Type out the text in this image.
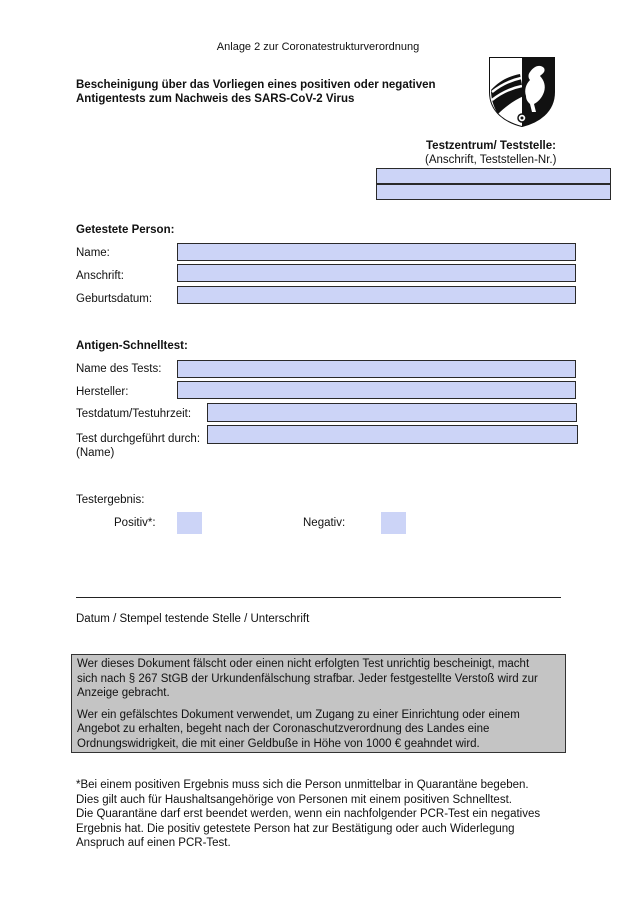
Anlage 2 zur Coronatestrukturverordnung
Bescheinigung über das Vorliegen eines positiven oder negativen
Antigentests zum Nachweis des SARS-CoV-2 Virus
Testzentrum/ Teststelle:
(Anschrift, Teststellen-Nr.)
Getestete Person:
Name:
Anschrift:
Geburtsdatum:
Antigen-Schnelltest:
Name des Tests:
Hersteller:
Testdatum/Testuhrzeit:
Test durchgeführt durch:
(Name)
Testergebnis:
Positiv*:	Negativ:
Datum / Stempel testende Stelle / Unterschrift

Wer dieses Dokument fälscht oder einen nicht erfolgten Test unrichtig bescheinigt, macht
sich nach § 267 StGB der Urkundenfälschung strafbar. Jeder festgestellte Verstoß wird zur
Anzeige gebracht.

Wer ein gefälschtes Dokument verwendet, um Zugang zu einer Einrichtung oder einem
Angebot zu erhalten, begeht nach der Coronaschutzverordnung des Landes eine
Ordnungswidrigkeit, die mit einer Geldbuße in Höhe von 1000 € geahndet wird.

*Bei einem positiven Ergebnis muss sich die Person unmittelbar in Quarantäne begeben.
Dies gilt auch für Haushaltsangehörige von Personen mit einem positiven Schnelltest.
Die Quarantäne darf erst beendet werden, wenn ein nachfolgender PCR-Test ein negatives
Ergebnis hat. Die positiv getestete Person hat zur Bestätigung oder auch Widerlegung
Anspruch auf einen PCR-Test.
